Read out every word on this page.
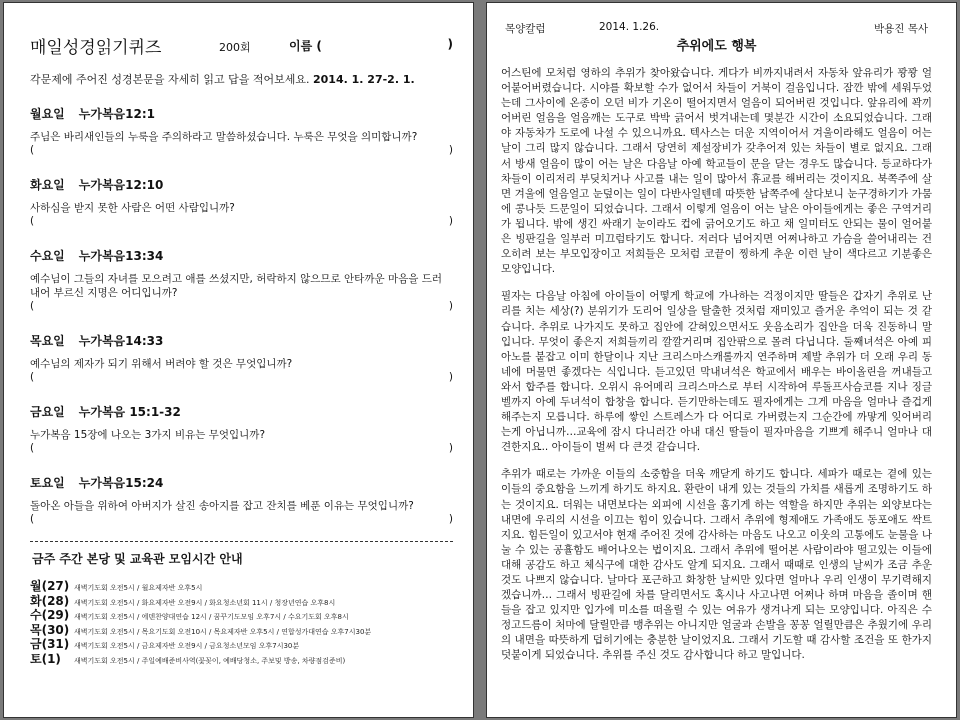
매일성경읽기퀴즈	200회	이름 (	)
각문제에 주어진 성경본문을 자세히 읽고 답을 적어보세요. 2014. 1. 27-2. 1.
월요일 누가복음12:1
주님은 바리새인들의 누룩을 주의하라고 말씀하셨습니다. 누룩은 무엇을 의미합니까?
(	)
화요일 누가복음12:10
사하심을 받지 못한 사람은 어떤 사람입니까?
(	)
수요일 누가복음13:34
예수님이 그들의 자녀를 모으려고 애를 쓰셨지만, 허락하지 않으므로 안타까운 마음을 드러내어 부르신 지명은 어디입니까?
(	)
목요일 누가복음14:33
예수님의 제자가 되기 위해서 버려야 할 것은 무엇입니까?
(	)
금요일 누가복음 15:1-32
누가복음 15장에 나오는 3가지 비유는 무엇입니까?
(	)
토요일 누가복음15:24
돌아온 아들을 위하여 아버지가 살진 송아지를 잡고 잔치를 베푼 이유는 무엇입니까?
(	)
금주 주간 본당 및 교육관 모임시간 안내
월(27) 새벽기도회 오전5시 / 월요제자반 오후5시
화(28) 새벽기도회 오전5시 / 화요제자반 오전9시 / 화요청소년회 11시 / 청장년연습 오후8시
수(29) 새벽기도회 오전5시 / 에덴찬양대연습 12시 / 꿈꾸기도모임 오후7시 / 수요기도회 오후8시
목(30) 새벽기도회 오전5시 / 목요기도회 오전10시 / 목요제자반 오후5시 / 연합성가대연습 오후7시30분
금(31) 새벽기도회 오전5시 / 금요제자반 오전9시 / 금요청소년모임 오후7시30분
토(1)	새벽기도회 오전5시 / 주일예배준비사역(꽃꽂이, 예배당청소, 주보및 방송, 차량점검준비)
목양칼럼	2014. 1.26.	박용진 목사
추위에도 행복
어스틴에 모처럼 영하의 추위가 찾아왔습니다. 게다가 비까지내려서 자동차 앞유리가 꽝꽝 얼어붙어버렸습니다. 시야를 확보할 수가 없어서 차들이 거북이 걸음입니다. 잠깐 밖에 세워두었는데 그사이에 온종이 오던 비가 기온이 떨어지면서 얼음이 되어버린 것입니다. 앞유리에 꽉끼어버린 얼음을 얼음깨는 도구로 박박 긁어서 벗겨내는데 몇분간 시간이 소요되었습니다. 그래야 자동차가 도로에 나설 수 있으니까요. 텍사스는 더운 지역이어서 겨울이라해도 얼음이 어는 날이 그리 많지 않습니다. 그래서 당연히 제설장비가 갖추어져 있는 차들이 별로 없지요. 그래서 방새 얼음이 많이 어는 날은 다음날 아예 학교들이 문을 닫는 경우도 많습니다. 등교하다가 차들이 이리저리 부딪치거나 사고를 내는 일이 많아서 휴교를 해버리는 것이지요. 북쪽주에 살면 겨울에 얼음얼고 눈덮이는 일이 다반사일텐데 따뜻한 남쪽주에 살다보니 눈구경하기가 가뭄에 콩나듯 드문일이 되었습니다. 그래서 이렇게 얼음이 어는 날은 아이들에게는 좋은 구역거리가 됩니다. 밖에 생긴 싸래기 눈이라도 컵에 긁어오기도 하고 채 일미터도 안되는 물이 얼어붙은 빙판길을 일부러 미끄럼타기도 합니다. 저러다 넘어지면 어쩌나하고 가슴을 쓸어내리는 건 오히려 보는 부모입장이고 저희들은 모처럼 코끝이 찡하게 추운 이런 날이 색다르고 기분좋은 모양입니다.
필자는 다음날 아침에 아이들이 어떻게 학교에 가나하는 걱정이지만 딸들은 갑자기 추위로 난리를 치는 세상(?) 분위기가 도리어 일상을 탈출한 것처럼 재미있고 즐거운 추억이 되는 것 같습니다. 추위로 나가지도 못하고 집안에 갇혀있으면서도 웃음소리가 집안을 더욱 진동하니 말입니다. 무엇이 좋은지 저희들끼리 깔깔거리며 집안팎으로 몰려 다닙니다. 둘째녀석은 아예 피아노를 붙잡고 이미 한달이나 지난 크리스마스캐롤까지 연주하며 제발 추위가 더 오래 우리 동네에 머물면 좋겠다는 식입니다. 듣고있던 막내녀석은 학교에서 배우는 바이올린을 꺼내들고 와서 합주를 합니다. 오위시 유어메리 크리스마스로 부터 시작하여 루돌프사슴코를 지나 징글벨까지 아예 두녀석이 합창을 합니다. 듣기만하는데도 필자에게는 그게 마음을 얼마나 즐겁게 해주는지 모릅니다. 하루에 쌓인 스트레스가 다 어디로 가버렸는지 그순간에 까맣게 잊어버리는게 아닙니까…교육에 잠시 다니러간 아내 대신 딸들이 필자마음을 기쁘게 해주니 얼마나 대견한지요.. 아이들이 벌써 다 큰것 같습니다.
추위가 때로는 가까운 이들의 소중함을 더욱 깨닫게 하기도 합니다. 세파가 때로는 곁에 있는 이들의 중요함을 느끼게 하기도 하지요. 환란이 내게 있는 것들의 가치를 새롭게 조명하기도 하는 것이지요. 더워는 내면보다는 외피에 시선을 훔기게 하는 역할을 하지만 추위는 외양보다는 내면에 우리의 시선을 이끄는 힘이 있습니다. 그래서 추위에 형제애도 가족애도 동포애도 싹트지요. 힘든일이 있고서야 현재 주어진 것에 감사하는 마음도 나오고 이웃의 고통에도 눈물을 나눌 수 있는 공휼함도 배어나오는 법이지요. 그래서 추위에 떨어본 사람이라야 떨고있는 이들에 대해 공감도 하고 체식구에 대한 감사도 알게 되지요. 그래서 때때로 인생의 날씨가 조금 추운 것도 나쁘지 않습니다. 날마다 포근하고 화창한 날씨만 있다면 얼마나 우리 인생이 무기력해지겠습니까… 그래서 빙판길에 차를 달리면서도 혹시나 사고나면 어쩌나 하며 마음을 졸이며 핸들을 잡고 있지만 입가에 미소를 떠올릴 수 있는 여유가 생겨나게 되는 모양입니다. 아직은 수정고드름이 처마에 달릴만큼 맹추위는 아니지만 얼굴과 손발을 꽁꽁 얼릴만큼은 추웠기에 우리의 내면을 따뜻하게 덥히기에는 충분한 날이었지요. 그래서 기도할 때 감사할 조건을 또 한가지 덧붙이게 되었습니다. 추위를 주신 것도 감사합니다 하고 말입니다.
